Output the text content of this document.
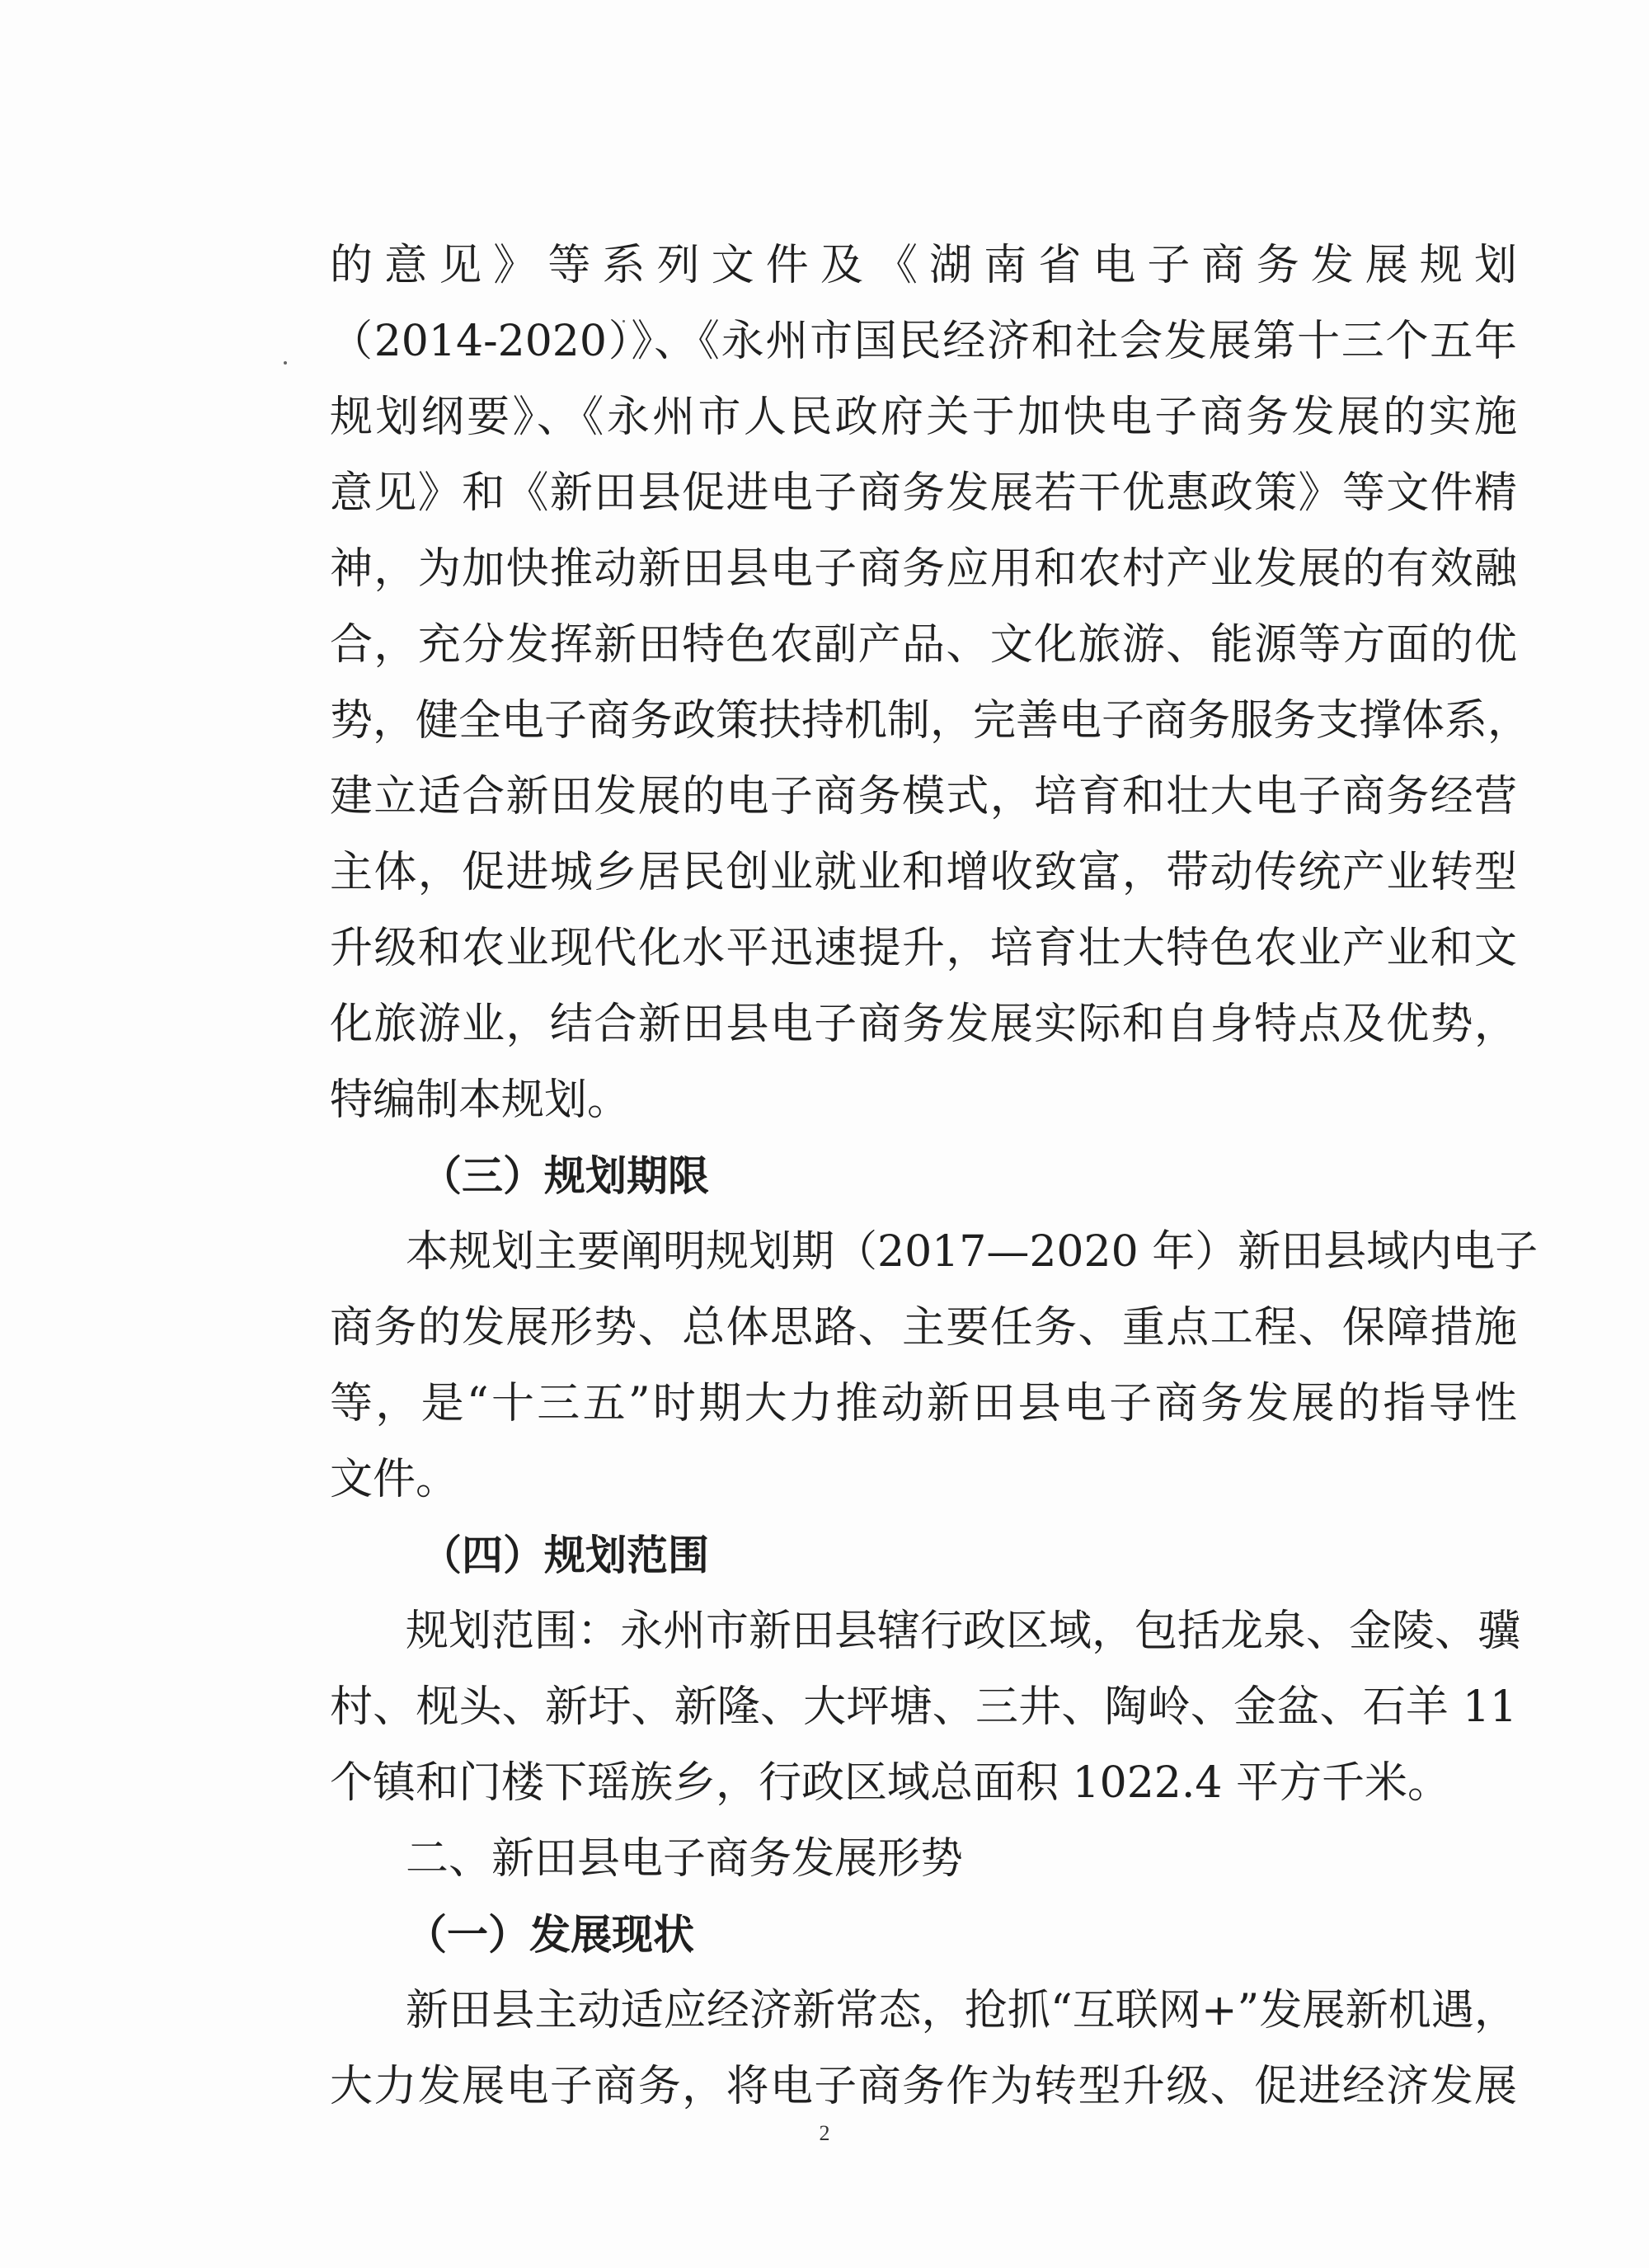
的意见》等系列文件及《湖南省电子商务发展规划
（2014-2020）》、《永州市国民经济和社会发展第十三个五年
规划纲要》、《永州市人民政府关于加快电子商务发展的实施
意见》和《新田县促进电子商务发展若干优惠政策》等文件精
神，为加快推动新田县电子商务应用和农村产业发展的有效融
合，充分发挥新田特色农副产品、文化旅游、能源等方面的优
势，健全电子商务政策扶持机制，完善电子商务服务支撑体系，
建立适合新田发展的电子商务模式，培育和壮大电子商务经营
主体，促进城乡居民创业就业和增收致富，带动传统产业转型
升级和农业现代化水平迅速提升，培育壮大特色农业产业和文
化旅游业，结合新田县电子商务发展实际和自身特点及优势，
特编制本规划。
（三）规划期限
本规划主要阐明规划期（2017—2020 年）新田县域内电子
商务的发展形势、总体思路、主要任务、重点工程、保障措施
等，是“十三五”时期大力推动新田县电子商务发展的指导性
文件。
（四）规划范围
规划范围：永州市新田县辖行政区域，包括龙泉、金陵、骥
村、枧头、新圩、新隆、大坪塘、三井、陶岭、金盆、石羊 11
个镇和门楼下瑶族乡，行政区域总面积 1022.4 平方千米。
二、新田县电子商务发展形势
（一）发展现状
新田县主动适应经济新常态，抢抓“互联网+”发展新机遇，
大力发展电子商务，将电子商务作为转型升级、促进经济发展
2
